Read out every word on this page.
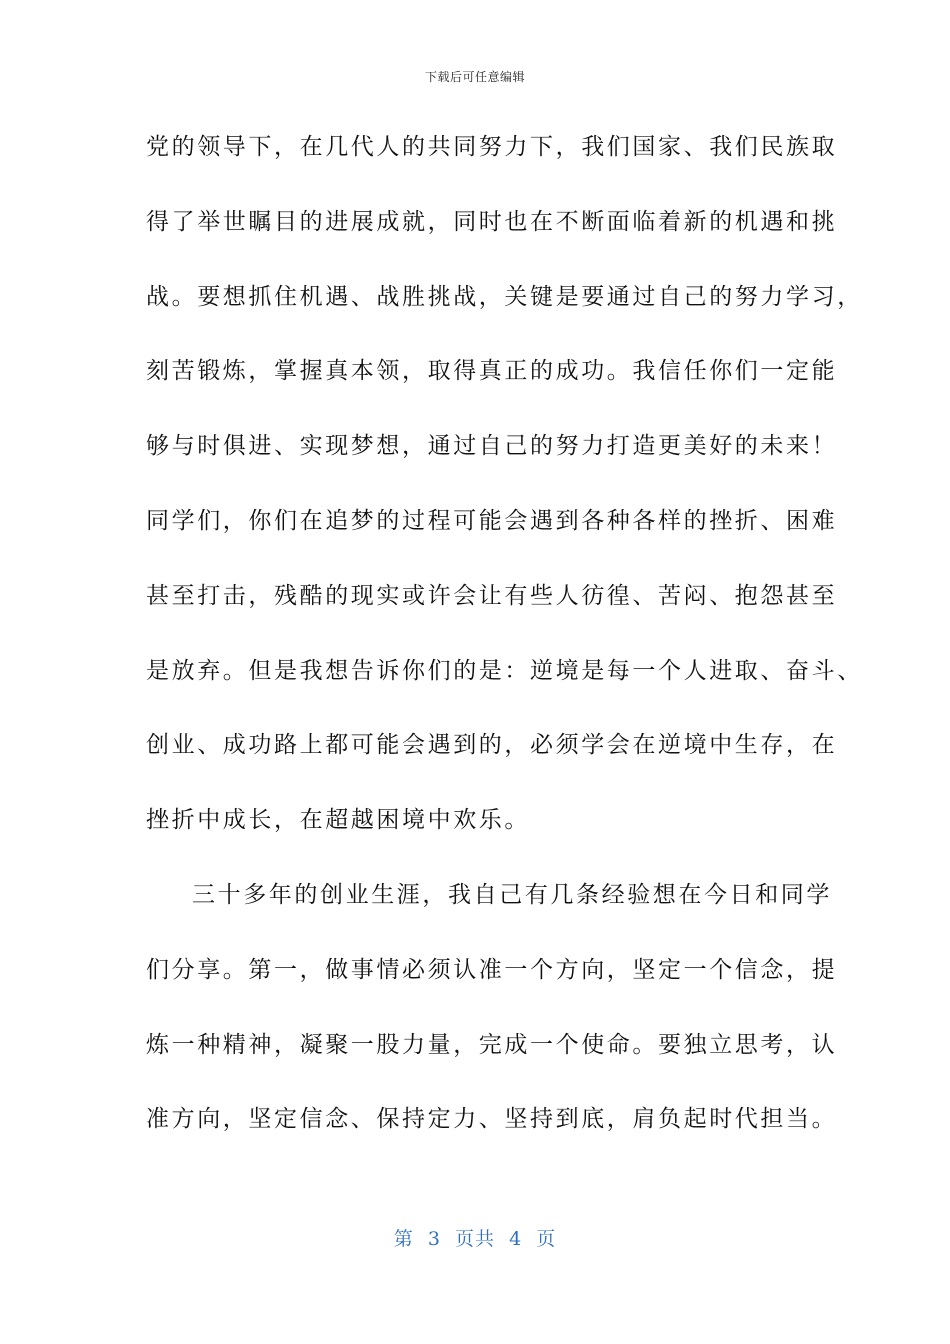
下载后可任意编辑
党的领导下，在几代人的共同努力下，我们国家、我们民族取
得了举世瞩目的进展成就，同时也在不断面临着新的机遇和挑
战。要想抓住机遇、战胜挑战，关键是要通过自己的努力学习，
刻苦锻炼，掌握真本领，取得真正的成功。我信任你们一定能
够与时俱进、实现梦想，通过自己的努力打造更美好的未来！
同学们，你们在追梦的过程可能会遇到各种各样的挫折、困难
甚至打击，残酷的现实或许会让有些人彷徨、苦闷、抱怨甚至
是放弃。但是我想告诉你们的是：逆境是每一个人进取、奋斗、
创业、成功路上都可能会遇到的，必须学会在逆境中生存，在
挫折中成长，在超越困境中欢乐。
三十多年的创业生涯，我自己有几条经验想在今日和同学
们分享。第一，做事情必须认准一个方向，坚定一个信念，提
炼一种精神，凝聚一股力量，完成一个使命。要独立思考，认
准方向，坚定信念、保持定力、坚持到底，肩负起时代担当。
第  3  页共  4  页
